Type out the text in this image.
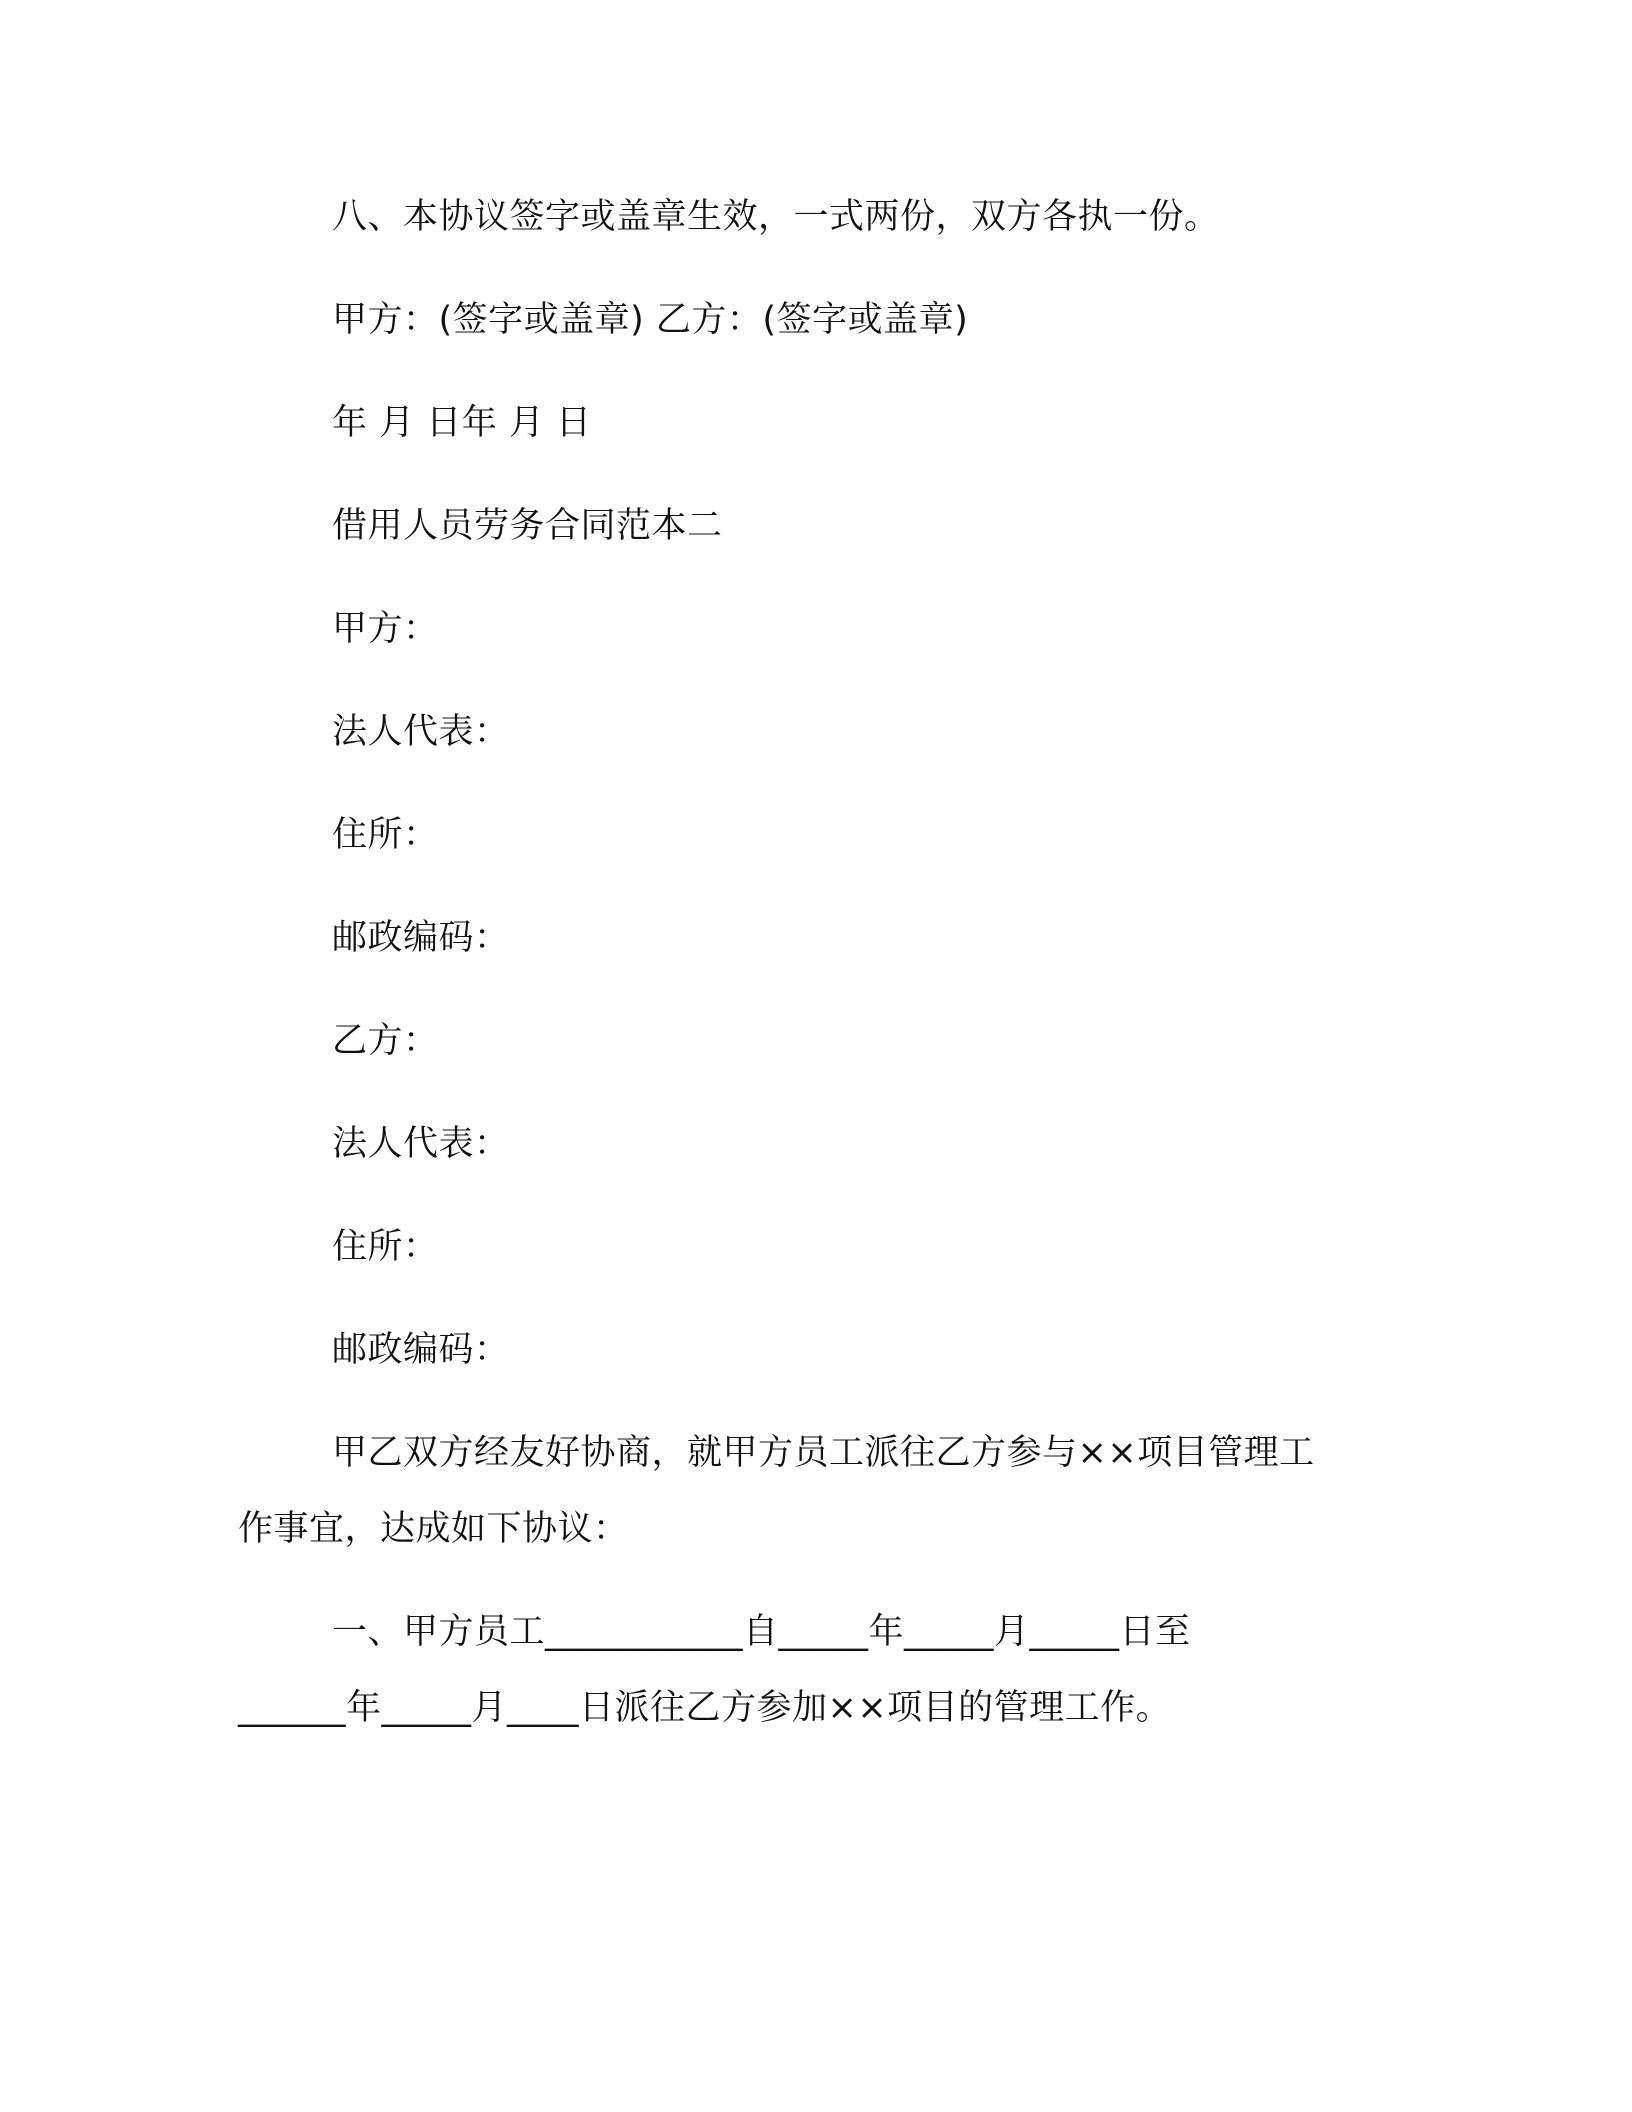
八、本协议签字或盖章生效，一式两份，双方各执一份。
甲方：(签字或盖章) 乙方：(签字或盖章)
年 月 日年 月 日
借用人员劳务合同范本二
甲方：
法人代表：
住所：
邮政编码：
乙方：
法人代表：
住所：
邮政编码：
甲乙双方经友好协商，就甲方员工派往乙方参与××项目管理工
作事宜，达成如下协议：
一、甲方员工___________自_____年_____月_____日至
______年_____月____日派往乙方参加××项目的管理工作。
